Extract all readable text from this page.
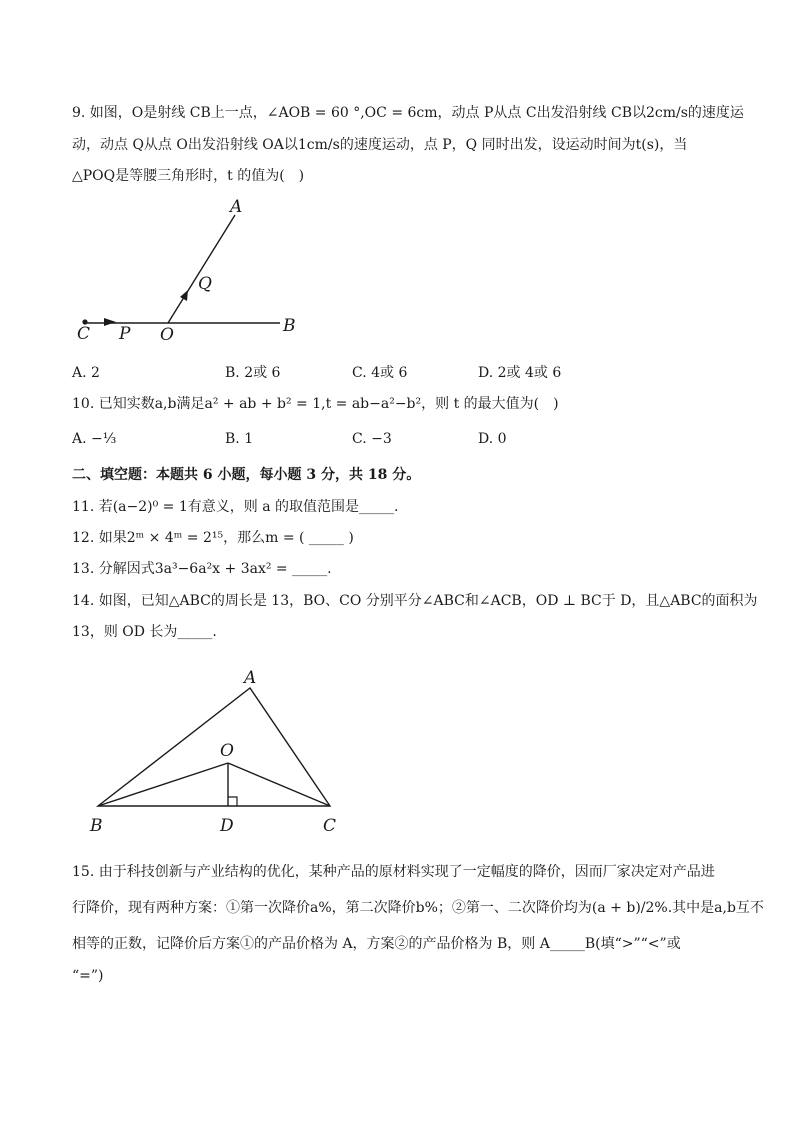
9. 如图，O是射线 CB上一点，∠AOB = 60 °,OC = 6cm，动点 P从点 C出发沿射线 CB以2cm/s的速度运
动，动点 Q从点 O出发沿射线 OA以1cm/s的速度运动，点 P，Q 同时出发，设运动时间为t(s)，当
△POQ是等腰三角形时，t 的值为(　)
A
Q
C P O	B
A. 2	B. 2或 6	C. 4或 6	D. 2或 4或 6
10. 已知实数a,b满足a² + ab + b² = 1,t = ab−a²−b²，则 t 的最大值为(　)
A. −⅓	B. 1	C. −3	D. 0
二、填空题：本题共 6 小题，每小题 3 分，共 18 分。
11. 若(a−2)⁰ = 1有意义，则 a 的取值范围是_____.
12. 如果2ᵐ × 4ᵐ = 2¹⁵，那么m = ( _____ )
13. 分解因式3a³−6a²x + 3ax² = _____.
14. 如图，已知△ABC的周长是 13，BO、CO 分别平分∠ABC和∠ACB，OD ⊥ BC于 D，且△ABC的面积为
13，则 OD 长为_____.
A
O
B	D	C
15. 由于科技创新与产业结构的优化，某种产品的原材料实现了一定幅度的降价，因而厂家决定对产品进
行降价，现有两种方案：①第一次降价a%，第二次降价b%；②第一、二次降价均为(a + b)/2%.其中是a,b互不
相等的正数，记降价后方案①的产品价格为 A，方案②的产品价格为 B，则 A_____B(填“>”“<”或
“=”)
